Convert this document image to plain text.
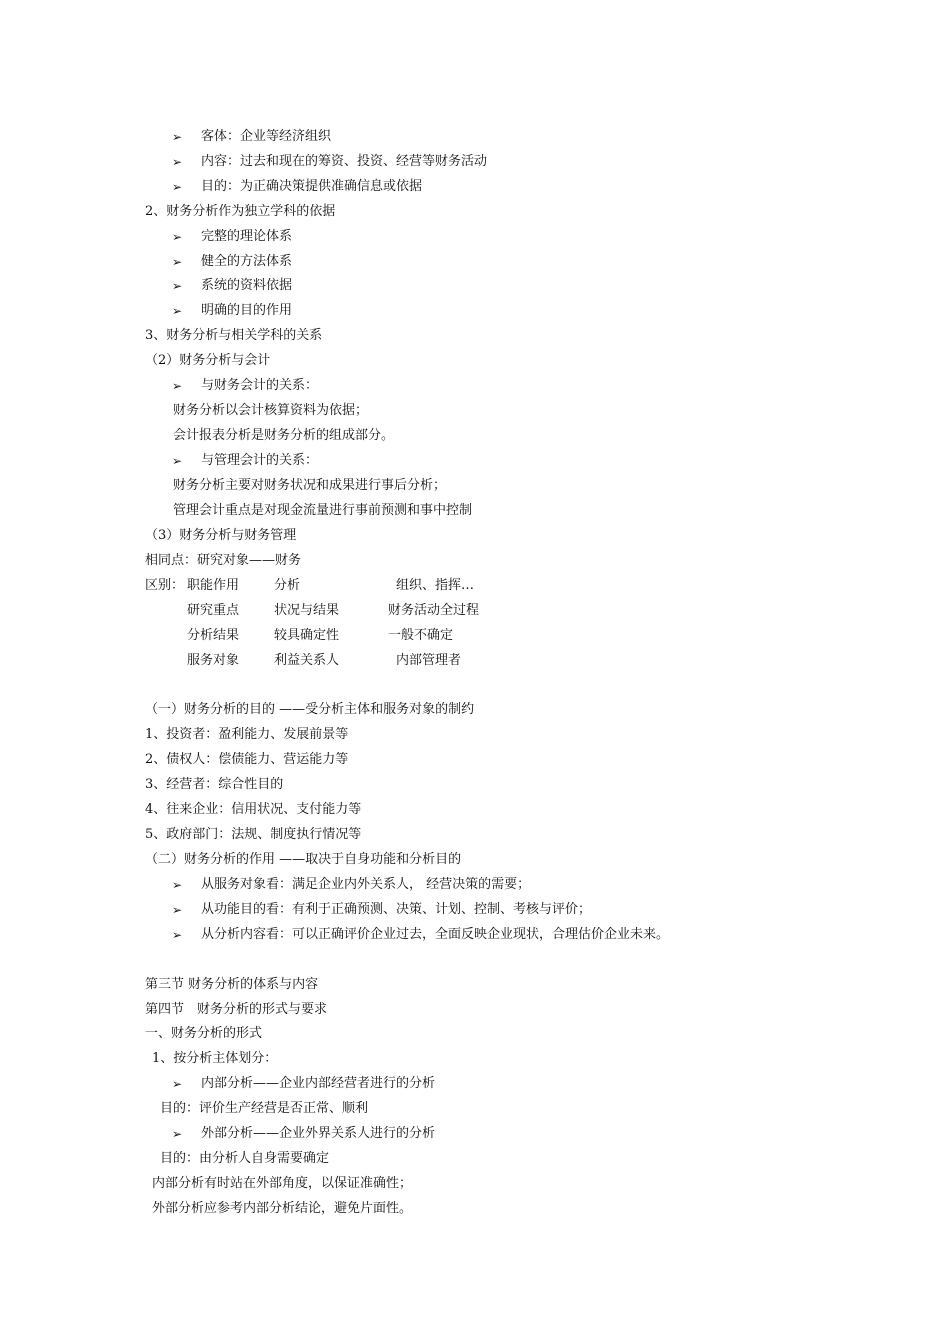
➢ 客体：企业等经济组织
➢ 内容：过去和现在的筹资、投资、经营等财务活动
➢ 目的：为正确决策提供准确信息或依据
2、财务分析作为独立学科的依据
➢ 完整的理论体系
➢ 健全的方法体系
➢ 系统的资料依据
➢ 明确的目的作用
3、财务分析与相关学科的关系
（2）财务分析与会计
➢ 与财务会计的关系：
财务分析以会计核算资料为依据；
会计报表分析是财务分析的组成部分。
➢ 与管理会计的关系：
财务分析主要对财务状况和成果进行事后分析；
管理会计重点是对现金流量进行事前预测和事中控制
（3）财务分析与财务管理
相同点：研究对象——财务
区别： 职能作用	分析	组织、指挥…
研究重点	状况与结果	财务活动全过程
分析结果	较具确定性	一般不确定
服务对象	利益关系人	内部管理者
（一）财务分析的目的 ——受分析主体和服务对象的制约
1、投资者：盈利能力、发展前景等
2、债权人：偿债能力、营运能力等
3、经营者：综合性目的
4、往来企业：信用状况、支付能力等
5、政府部门：法规、制度执行情况等
（二）财务分析的作用 ——取决于自身功能和分析目的
➢ 从服务对象看：满足企业内外关系人， 经营决策的需要；
➢ 从功能目的看：有利于正确预测、决策、计划、控制、考核与评价；
➢ 从分析内容看：可以正确评价企业过去，全面反映企业现状，合理估价企业未来。
第三节 财务分析的体系与内容
第四节　财务分析的形式与要求
一、财务分析的形式
1、按分析主体划分：
➢ 内部分析——企业内部经营者进行的分析
目的：评价生产经营是否正常、顺利
➢ 外部分析——企业外界关系人进行的分析
目的：由分析人自身需要确定
内部分析有时站在外部角度，以保证准确性；
外部分析应参考内部分析结论，避免片面性。
